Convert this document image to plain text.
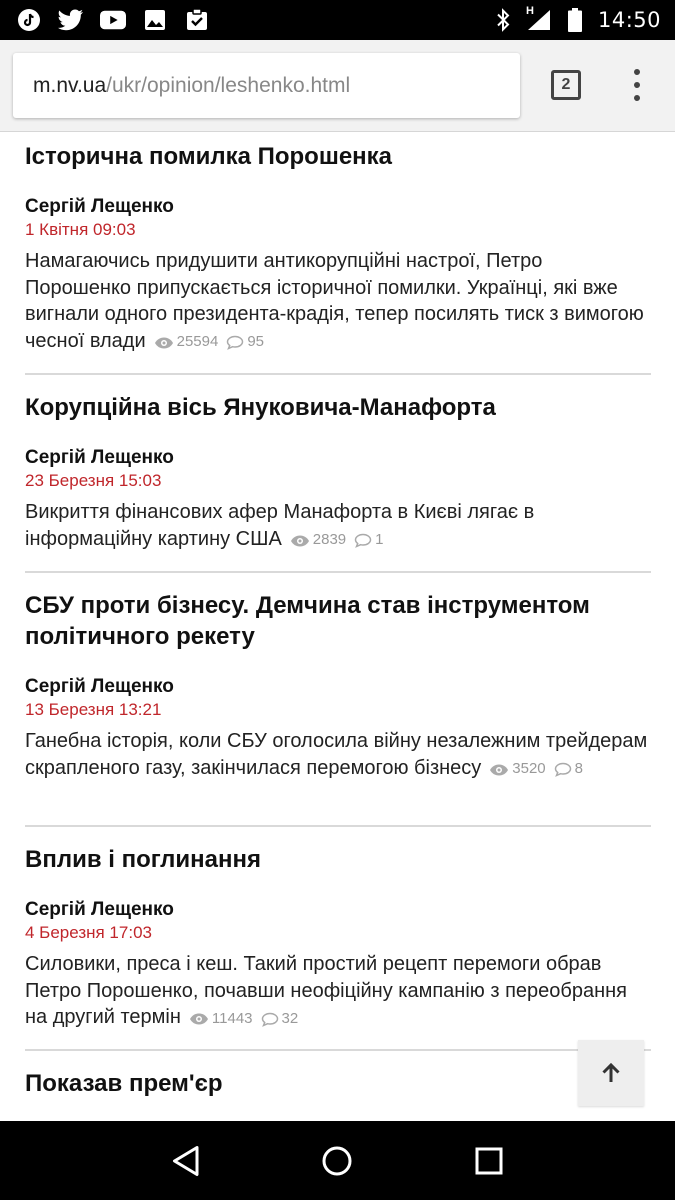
H	14:50
m.nv.ua /ukr/opinion/leshenko.html	2
Історична помилка Порошенка
Сергій Лещенко
1 Квітня 09:03
Намагаючись придушити антикорупційні настрої, Петро Порошенко припускається історичної помилки. Українці, які вже вигнали одного президента-крадія, тепер посилять тиск з вимогою чесної влади 25594 95
Корупційна вісь Януковича-Манафорта
Сергій Лещенко
23 Березня 15:03
Викриття фінансових афер Манафорта в Києві лягає в інформаційну картину США 2839 1
СБУ проти бізнесу. Демчина став інструментом політичного рекету
Сергій Лещенко
13 Березня 13:21
Ганебна історія, коли СБУ оголосила війну незалежним трейдерам скрапленого газу, закінчилася перемогою бізнесу 3520 8
Вплив і поглинання
Сергій Лещенко
4 Березня 17:03
Силовики, преса і кеш. Такий простий рецепт перемоги обрав Петро Порошенко, почавши неофіційну кампанію з переобрання на другий термін 11443 32
Показав прем'єр
